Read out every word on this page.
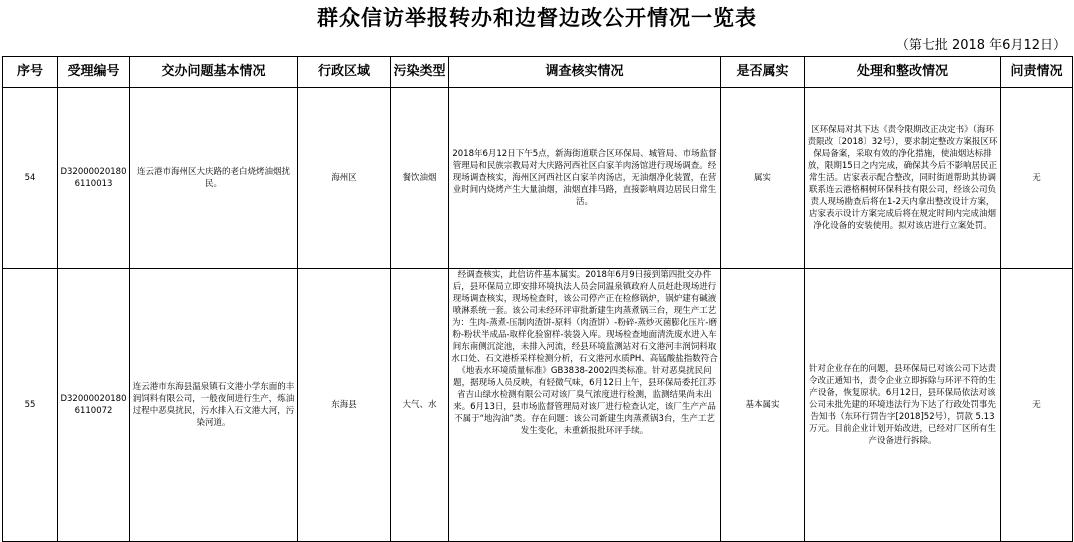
群众信访举报转办和边督边改公开情况一览表
（第七批 2018 年6月12日）
序号	受理编号	交办问题基本情况	行政区域	污染类型	调查核实情况	是否属实	处理和整改情况	问责情况
54	D320000201806110013	连云港市海州区大庆路的老白烧烤油烟扰民。	海州区	餐饮油烟	2018年6月12日下午5点，新海街道联合区环保局、城管局、市场监督管理局和民族宗教局对大庆路河西社区白家羊肉汤馆进行现场调查。经现场调查核实，海州区河西社区白家羊肉汤店，无油烟净化装置，在营业时间内烧烤产生大量油烟，油烟直排马路，直接影响周边居民日常生活。	属实	区环保局对其下达《责令限期改正决定书》（海环责限改〔2018〕32号），要求制定整改方案报区环保局备案，采取有效的净化措施，使油烟达标排放，限期15日之内完成，确保其今后不影响居民正常生活。店家表示配合整改，同时街道帮助其协调联系连云港格桐树环保科技有限公司，经该公司负责人现场勘查后将在1-2天内拿出整改设计方案，店家表示设计方案完成后将在规定时间内完成油烟净化设备的安装使用。拟对该店进行立案处罚。	无
55	D320000201806110072	连云港市东海县温泉镇石文港小学东面的丰润饲料有限公司，一般夜间进行生产，炼油过程中恶臭扰民，污水排入石文港大河，污染河道。	东海县	大气、水	经调查核实，此信访件基本属实。2018年6月9日接到第四批交办件后，县环保局立即安排环境执法人员会同温泉镇政府人员赶赴现场进行现场调查核实，现场检查时，该公司停产正在检修锅炉，锅炉建有碱液喷淋系统一套。该公司未经环评审批新建生肉蒸煮锅三台，现生产工艺为：生肉-蒸煮-压制肉渣饼-原料（肉渣饼）-粉碎-蒸炒灭菌膨化压片-磨粉-粉状半成品-取样化验窗样-装袋入库。现场检查地面清洗废水进入车间东南侧沉淀池，未排入河流，经县环境监测站对石文港河丰润饲料取水口处、石文港桥采样检测分析，石文港河水质PH、高锰酸盐指数符合《地表水环境质量标准》GB3838-2002四类标准。针对恶臭扰民问题，据现场人员反映，有轻微气味，6月12日上午，县环保局委托江苏省吉山绿水检测有限公司对该厂臭气浓度进行检测，监测结果尚未出来。6月13日，县市场监督管理局对该厂进行检查认定，该厂生产产品不属于“地沟油”类。存在问题：该公司新建生肉蒸煮锅3台，生产工艺发生变化，未重新报批环评手续。	基本属实	针对企业存在的问题，县环保局已对该公司下达责令改正通知书，责令企业立即拆除与环评不符的生产设备，恢复原状。6月12日，县环保局依法对该公司未批先建的环境违法行为下达了行政处罚事先告知书（东环行罚告字[2018]52号），罚款 5.13万元。目前企业计划开始改进，已经对厂区所有生产设备进行拆除。	无
